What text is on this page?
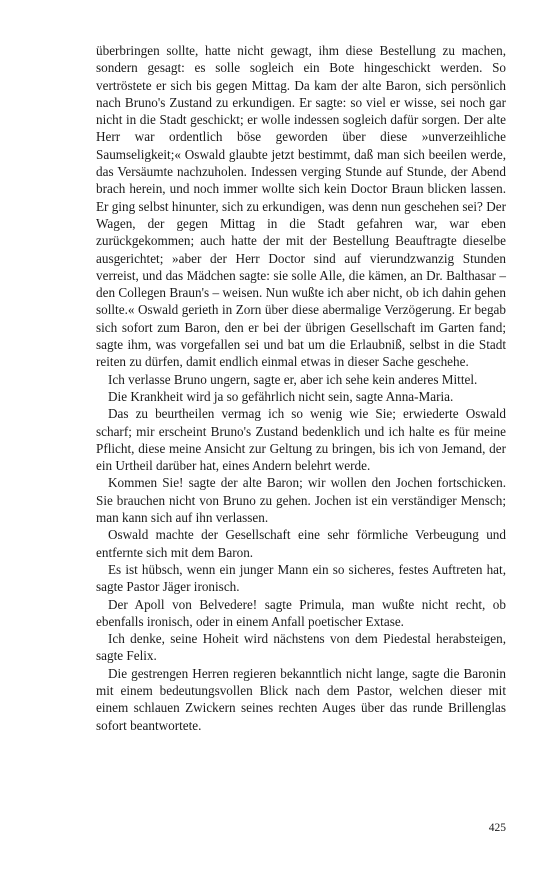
überbringen sollte, hatte nicht gewagt, ihm diese Bestellung zu machen, sondern gesagt: es solle sogleich ein Bote hingeschickt werden. So vertröstete er sich bis gegen Mittag. Da kam der alte Baron, sich persönlich nach Bruno's Zustand zu erkundigen. Er sagte: so viel er wisse, sei noch gar nicht in die Stadt geschickt; er wolle indessen sogleich dafür sorgen. Der alte Herr war ordentlich böse geworden über diese »unverzeihliche Saumseligkeit;« Oswald glaubte jetzt bestimmt, daß man sich beeilen werde, das Versäumte nachzuholen. Indessen verging Stunde auf Stunde, der Abend brach herein, und noch immer wollte sich kein Doctor Braun blicken lassen. Er ging selbst hinunter, sich zu erkundigen, was denn nun geschehen sei? Der Wagen, der gegen Mittag in die Stadt gefahren war, war eben zurückgekommen; auch hatte der mit der Bestellung Beauftragte dieselbe ausgerichtet; »aber der Herr Doctor sind auf vierundzwanzig Stunden verreist, und das Mädchen sagte: sie solle Alle, die kämen, an Dr. Balthasar – den Collegen Braun's – weisen. Nun wußte ich aber nicht, ob ich dahin gehen sollte.« Oswald gerieth in Zorn über diese abermalige Verzögerung. Er begab sich sofort zum Baron, den er bei der übrigen Gesellschaft im Garten fand; sagte ihm, was vorgefallen sei und bat um die Erlaubniß, selbst in die Stadt reiten zu dürfen, damit endlich einmal etwas in dieser Sache geschehe.

Ich verlasse Bruno ungern, sagte er, aber ich sehe kein anderes Mittel.

Die Krankheit wird ja so gefährlich nicht sein, sagte Anna-Maria.

Das zu beurtheilen vermag ich so wenig wie Sie; erwiederte Oswald scharf; mir erscheint Bruno's Zustand bedenklich und ich halte es für meine Pflicht, diese meine Ansicht zur Geltung zu bringen, bis ich von Jemand, der ein Urtheil darüber hat, eines Andern belehrt werde.

Kommen Sie! sagte der alte Baron; wir wollen den Jochen fortschicken. Sie brauchen nicht von Bruno zu gehen. Jochen ist ein verständiger Mensch; man kann sich auf ihn verlassen.

Oswald machte der Gesellschaft eine sehr förmliche Verbeugung und entfernte sich mit dem Baron.

Es ist hübsch, wenn ein junger Mann ein so sicheres, festes Auftreten hat, sagte Pastor Jäger ironisch.

Der Apoll von Belvedere! sagte Primula, man wußte nicht recht, ob ebenfalls ironisch, oder in einem Anfall poetischer Extase.

Ich denke, seine Hoheit wird nächstens von dem Piedestal herabsteigen, sagte Felix.

Die gestrengen Herren regieren bekanntlich nicht lange, sagte die Baronin mit einem bedeutungsvollen Blick nach dem Pastor, welchen dieser mit einem schlauen Zwickern seines rechten Auges über das runde Brillenglas sofort beantwortete.

425
